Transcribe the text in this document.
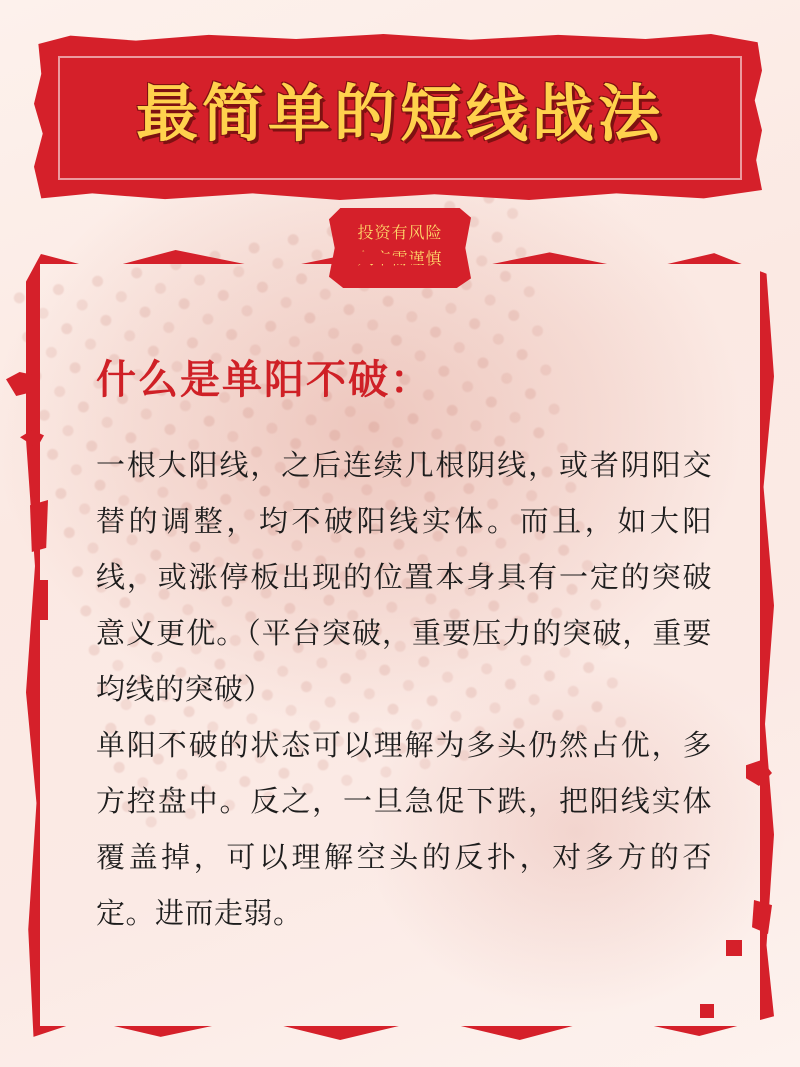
最简单的短线战法
投资有风险
入市需谨慎
什么是单阳不破：

一根大阳线，之后连续几根阴线，或者阴阳交替的调整，均不破阳线实体。而且，如大阳线，或涨停板出现的位置本身具有一定的突破意义更优。（平台突破，重要压力的突破，重要均线的突破）

单阳不破的状态可以理解为多头仍然占优，多方控盘中。反之，一旦急促下跌，把阳线实体覆盖掉，可以理解空头的反扑，对多方的否定。进而走弱。
